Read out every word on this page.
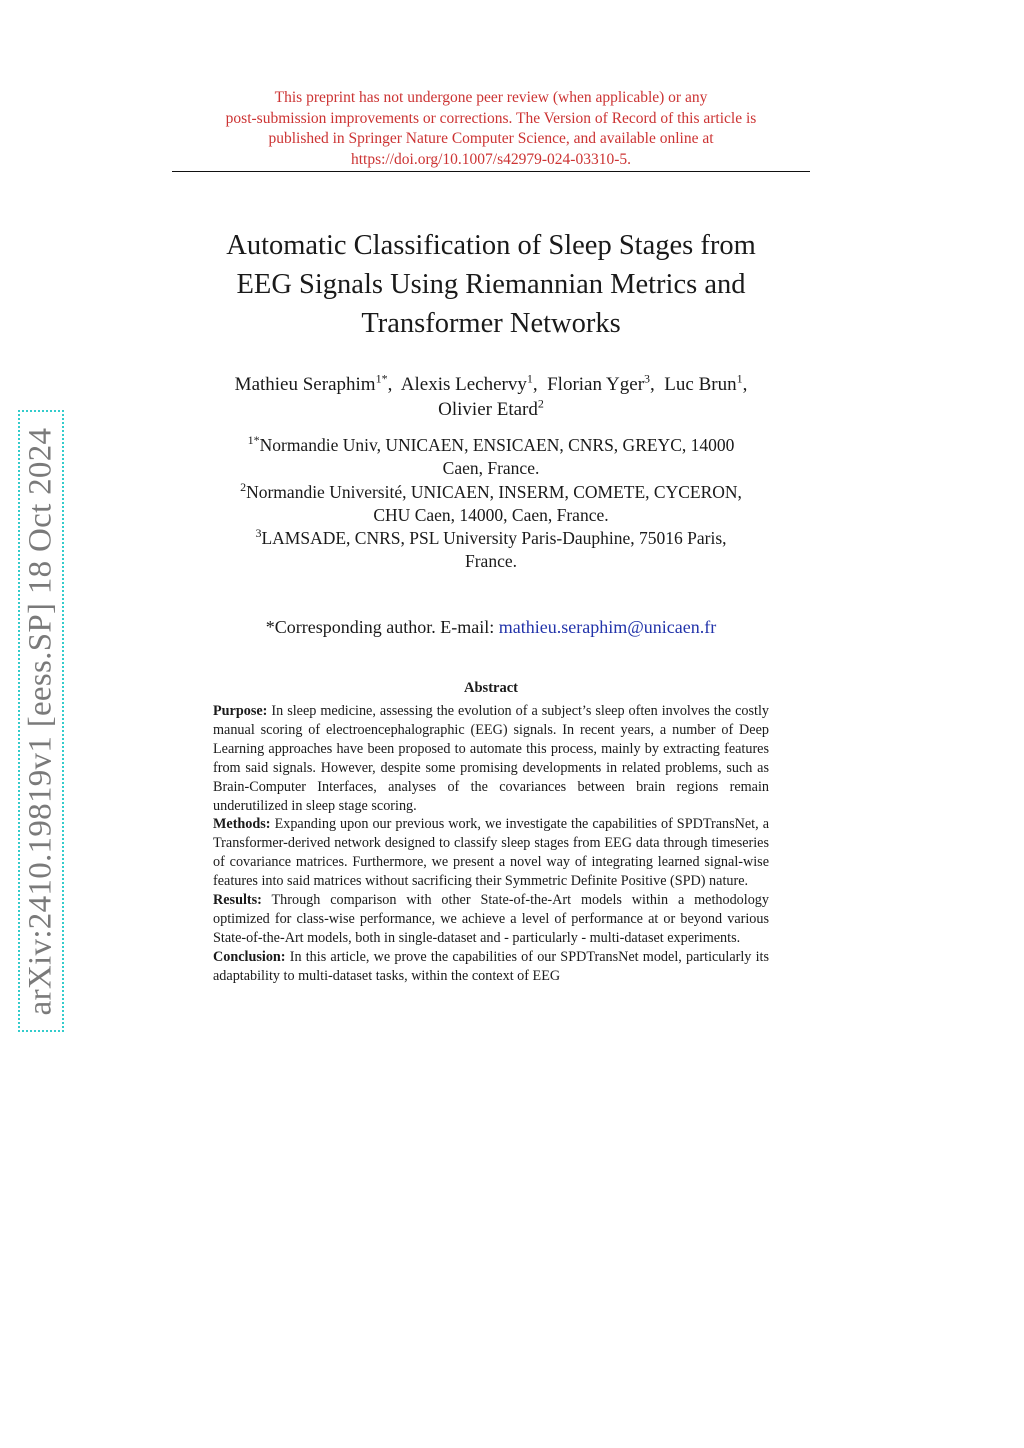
This preprint has not undergone peer review (when applicable) or any
post-submission improvements or corrections. The Version of Record of this article is
published in Springer Nature Computer Science, and available online at
https://doi.org/10.1007/s42979-024-03310-5.
Automatic Classification of Sleep Stages from
EEG Signals Using Riemannian Metrics and
Transformer Networks
Mathieu Seraphim$^{1*}$,  Alexis Lechervy$^1$,  Florian Yger$^3$,  Luc Brun$^1$,
Olivier Etard$^2$
$^{1*}$Normandie Univ, UNICAEN, ENSICAEN, CNRS, GREYC, 14000
Caen, France.
$^2$Normandie Université, UNICAEN, INSERM, COMETE, CYCERON,
CHU Caen, 14000, Caen, France.
$^3$LAMSADE, CNRS, PSL University Paris-Dauphine, 75016 Paris,
France.
*Corresponding author. E-mail: mathieu.seraphim@unicaen.fr
Abstract

Purpose: In sleep medicine, assessing the evolution of a subject’s sleep often involves the costly manual scoring of electroencephalographic (EEG) signals. In recent years, a number of Deep Learning approaches have been proposed to automate this process, mainly by extracting features from said signals. However, despite some promising developments in related problems, such as Brain-Computer Interfaces, analyses of the covariances between brain regions remain underutilized in sleep stage scoring.

Methods: Expanding upon our previous work, we investigate the capabilities of SPDTransNet, a Transformer-derived network designed to classify sleep stages from EEG data through timeseries of covariance matrices. Furthermore, we present a novel way of integrating learned signal-wise features into said matrices without sacrificing their Symmetric Definite Positive (SPD) nature.

Results: Through comparison with other State-of-the-Art models within a methodology optimized for class-wise performance, we achieve a level of performance at or beyond various State-of-the-Art models, both in single-dataset and - particularly - multi-dataset experiments.

Conclusion: In this article, we prove the capabilities of our SPDTransNet model, particularly its adaptability to multi-dataset tasks, within the context of EEG

arXiv:2410.19819v1 [eess.SP] 18 Oct 2024
